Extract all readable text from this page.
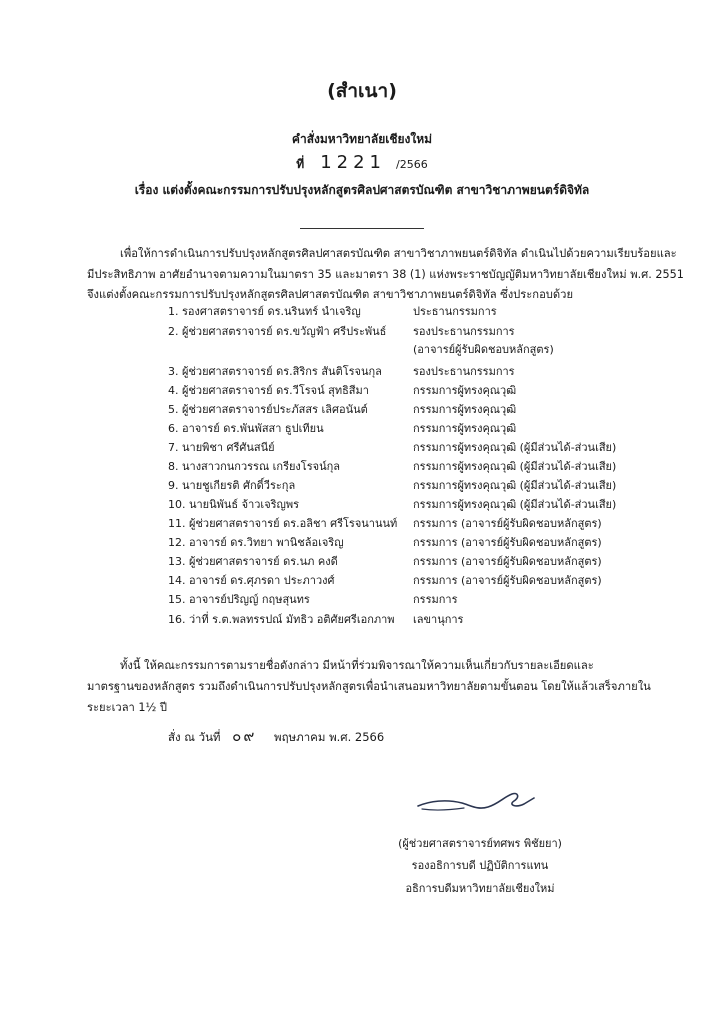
(สำเนา)
คำสั่งมหาวิทยาลัยเชียงใหม่
ที่ 1221 /2566
เรื่อง แต่งตั้งคณะกรรมการปรับปรุงหลักสูตรศิลปศาสตรบัณฑิต สาขาวิชาภาพยนตร์ดิจิทัล
เพื่อให้การดำเนินการปรับปรุงหลักสูตรศิลปศาสตรบัณฑิต สาขาวิชาภาพยนตร์ดิจิทัล ดำเนินไปด้วยความเรียบร้อยและ
มีประสิทธิภาพ อาศัยอำนาจตามความในมาตรา 35 และมาตรา 38 (1) แห่งพระราชบัญญัติมหาวิทยาลัยเชียงใหม่ พ.ศ. 2551
จึงแต่งตั้งคณะกรรมการปรับปรุงหลักสูตรศิลปศาสตรบัณฑิต สาขาวิชาภาพยนตร์ดิจิทัล ซึ่งประกอบด้วย
1. รองศาสตราจารย์ ดร.นรินทร์ นำเจริญ	ประธานกรรมการ
2. ผู้ช่วยศาสตราจารย์ ดร.ขวัญฟ้า ศรีประพันธ์ รองประธานกรรมการ
(อาจารย์ผู้รับผิดชอบหลักสูตร)
3. ผู้ช่วยศาสตราจารย์ ดร.สิริกร สันติโรจนกุล	รองประธานกรรมการ
4. ผู้ช่วยศาสตราจารย์ ดร.วีโรจน์ สุทธิสีมา	กรรมการผู้ทรงคุณวุฒิ
5. ผู้ช่วยศาสตราจารย์ประภัสสร เลิศอนันต์	กรรมการผู้ทรงคุณวุฒิ
6. อาจารย์ ดร.พันพัสสา ธูปเทียน	กรรมการผู้ทรงคุณวุฒิ
7. นายพิชา ศรีศันสนีย์	กรรมการผู้ทรงคุณวุฒิ (ผู้มีส่วนได้-ส่วนเสีย)
8. นางสาวกนกวรรณ เกรียงโรจน์กุล	กรรมการผู้ทรงคุณวุฒิ (ผู้มีส่วนได้-ส่วนเสีย)
9. นายชูเกียรติ ศักดิ์วีระกุล	กรรมการผู้ทรงคุณวุฒิ (ผู้มีส่วนได้-ส่วนเสีย)
10. นายนิพันธ์ จ้าวเจริญพร	กรรมการผู้ทรงคุณวุฒิ (ผู้มีส่วนได้-ส่วนเสีย)
11. ผู้ช่วยศาสตราจารย์ ดร.อลิชา ศรีโรจนานนท์ กรรมการ (อาจารย์ผู้รับผิดชอบหลักสูตร)
12. อาจารย์ ดร.วิทยา พานิชล้อเจริญ	กรรมการ (อาจารย์ผู้รับผิดชอบหลักสูตร)
13. ผู้ช่วยศาสตราจารย์ ดร.นภ คงดี	กรรมการ (อาจารย์ผู้รับผิดชอบหลักสูตร)
14. อาจารย์ ดร.ศุภรดา ประภาวงศ์	กรรมการ (อาจารย์ผู้รับผิดชอบหลักสูตร)
15. อาจารย์ปริญญ์ กฤษสุนทร	กรรมการ
16. ว่าที่ ร.ต.พลทรรปณ์ มัทธิว อติศัยศรีเอกภาพ เลขานุการ
ทั้งนี้ ให้คณะกรรมการตามรายชื่อดังกล่าว มีหน้าที่ร่วมพิจารณาให้ความเห็นเกี่ยวกับรายละเอียดและ
มาตรฐานของหลักสูตร รวมถึงดำเนินการปรับปรุงหลักสูตรเพื่อนำเสนอมหาวิทยาลัยตามขั้นตอน โดยให้แล้วเสร็จภายใน
ระยะเวลา 1½ ปี
สั่ง ณ วันที่ ๐๙ พฤษภาคม พ.ศ. 2566
(ผู้ช่วยศาสตราจารย์ทศพร พิชัยยา)
รองอธิการบดี ปฏิบัติการแทน
อธิการบดีมหาวิทยาลัยเชียงใหม่
